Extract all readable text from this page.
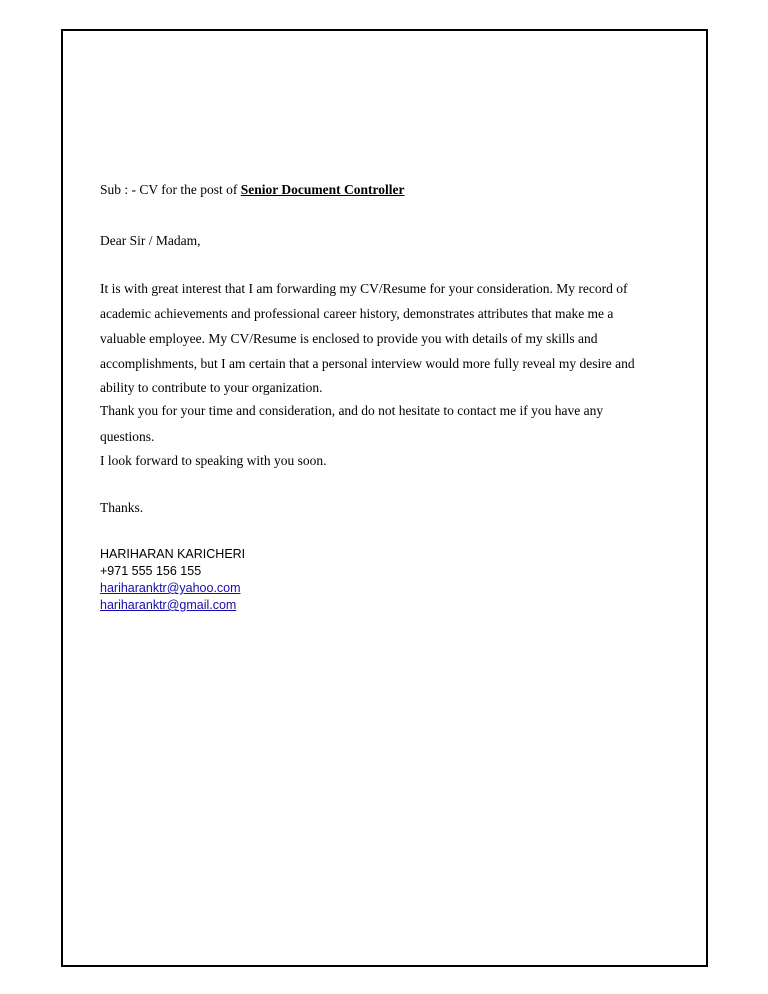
Sub : - CV for the post of Senior Document Controller
Dear Sir / Madam,
It is with great interest that I am forwarding my CV/Resume for your consideration. My record of
academic achievements and professional career history, demonstrates attributes that make me a
valuable employee. My CV/Resume is enclosed to provide you with details of my skills and
accomplishments, but I am certain that a personal interview would more fully reveal my desire and
ability to contribute to your organization.
Thank you for your time and consideration, and do not hesitate to contact me if you have any
questions.
I look forward to speaking with you soon.
Thanks.
HARIHARAN KARICHERI
+971 555 156 155
hariharanktr@yahoo.com
hariharanktr@gmail.com
